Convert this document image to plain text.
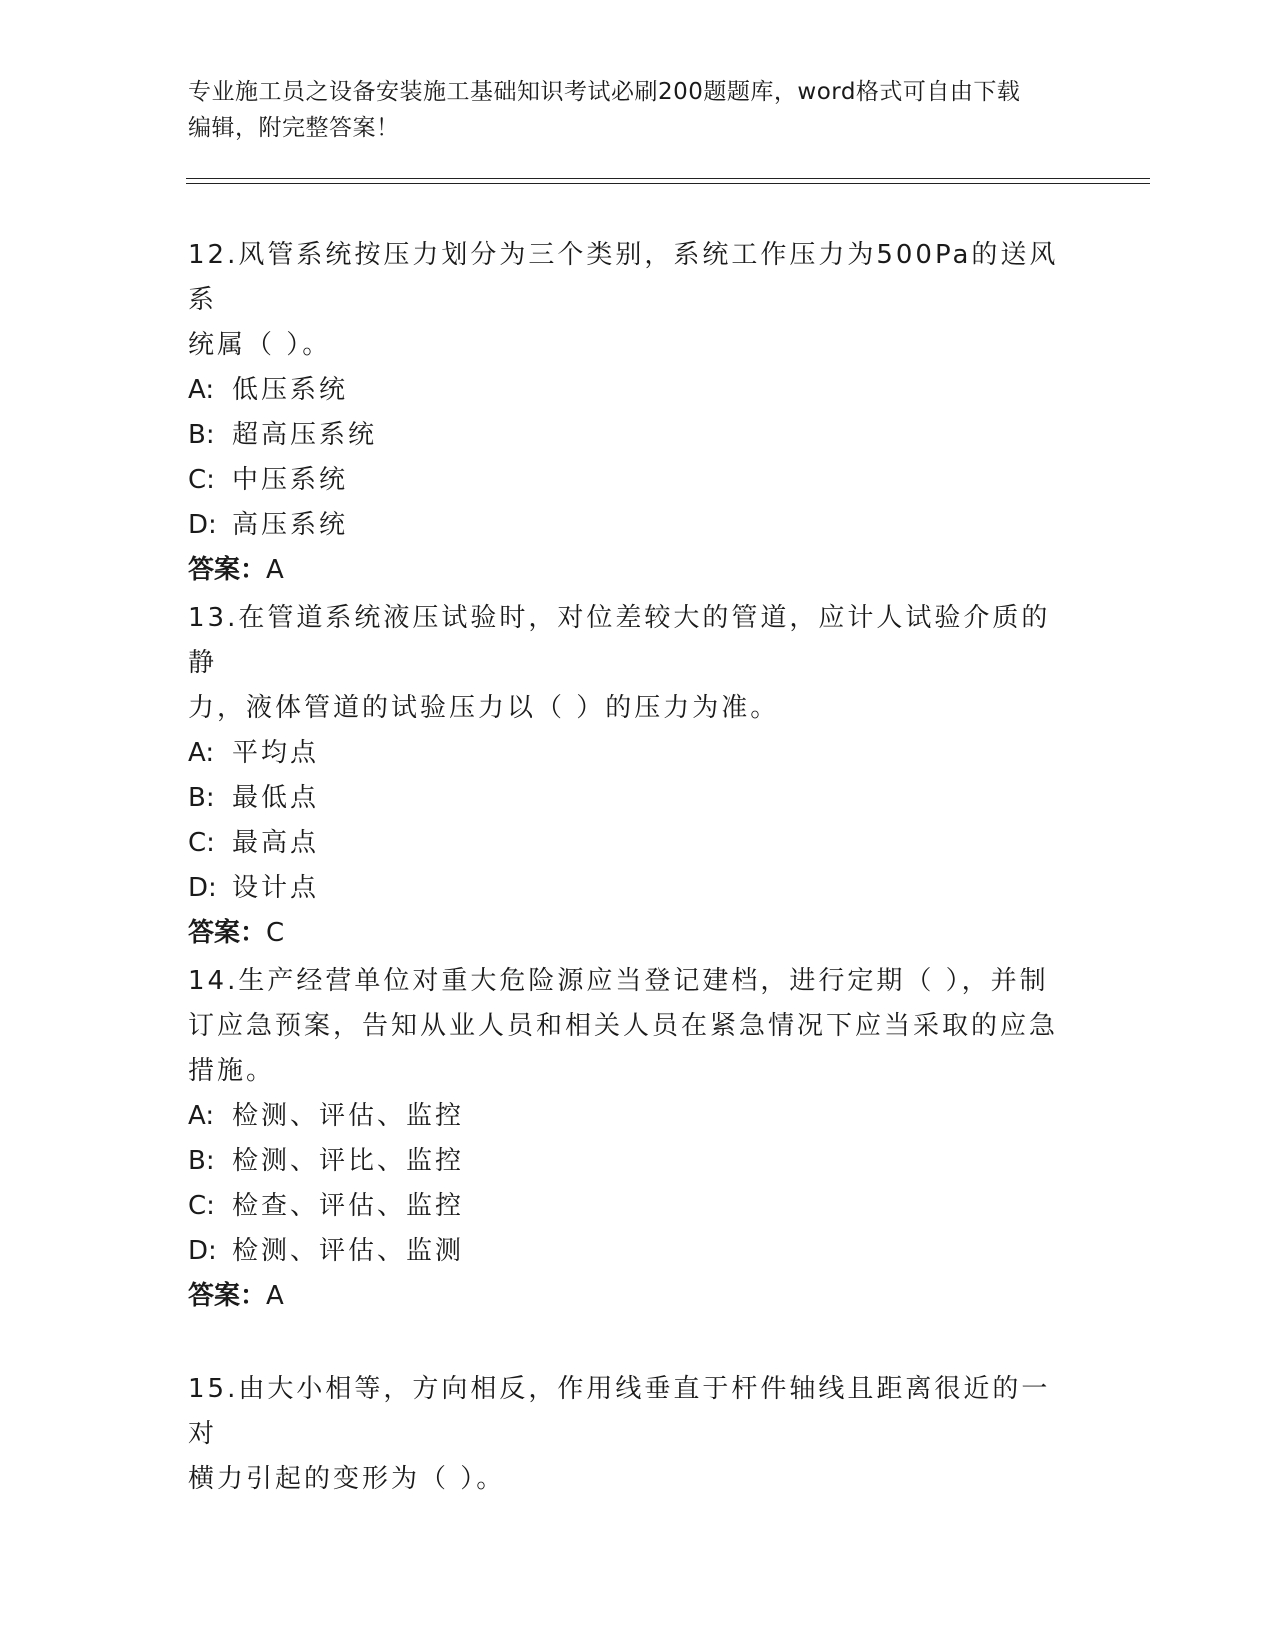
专业施工员之设备安装施工基础知识考试必刷200题题库，word格式可自由下载
编辑，附完整答案！

12.风管系统按压力划分为三个类别，系统工作压力为500Pa的送风系

统属（ ）。

A: 低压系统

B: 超高压系统

C: 中压系统

D: 高压系统

答案：A

13.在管道系统液压试验时，对位差较大的管道，应计人试验介质的静

力，液体管道的试验压力以（ ）的压力为准。

A: 平均点

B: 最低点

C: 最高点

D: 设计点

答案：C

14.生产经营单位对重大危险源应当登记建档，进行定期（ ），并制

订应急预案，告知从业人员和相关人员在紧急情况下应当采取的应急

措施。

A: 检测、评估、监控

B: 检测、评比、监控

C: 检查、评估、监控

D: 检测、评估、监测

答案：A

15.由大小相等，方向相反，作用线垂直于杆件轴线且距离很近的一对

横力引起的变形为（ ）。
